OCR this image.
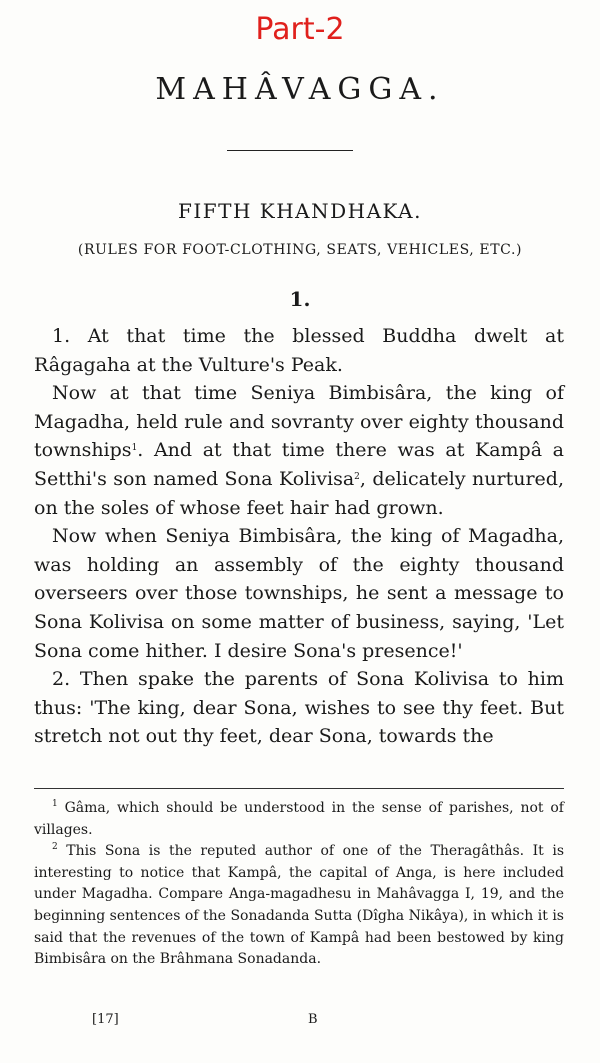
Part-2
MAHÂVAGGA.
FIFTH KHANDHAKA.
(RULES FOR FOOT-CLOTHING, SEATS, VEHICLES, ETC.)
1.

1. At that time the blessed Buddha dwelt at Râgagaha at the Vulture's Peak.

Now at that time Seniya Bimbisâra, the king of Magadha, held rule and sovranty over eighty thousand townships$^1$. And at that time there was at Kampâ a Setthi's son named Sona Kolivisa$^2$, delicately nurtured, on the soles of whose feet hair had grown.

Now when Seniya Bimbisâra, the king of Magadha, was holding an assembly of the eighty thousand overseers over those townships, he sent a message to Sona Kolivisa on some matter of business, saying, 'Let Sona come hither. I desire Sona's presence!'

2. Then spake the parents of Sona Kolivisa to him thus: 'The king, dear Sona, wishes to see thy feet. But stretch not out thy feet, dear Sona, towards the

$^1$ Gâma, which should be understood in the sense of parishes, not of villages.

$^2$ This Sona is the reputed author of one of the Theragâthâs. It is interesting to notice that Kampâ, the capital of Anga, is here included under Magadha. Compare Anga-magadhesu in Mahâvagga I, 19, and the beginning sentences of the Sonadanda Sutta (Dîgha Nikâya), in which it is said that the revenues of the town of Kampâ had been bestowed by king Bimbisâra on the Brâhmana Sonadanda.

[17]	B
